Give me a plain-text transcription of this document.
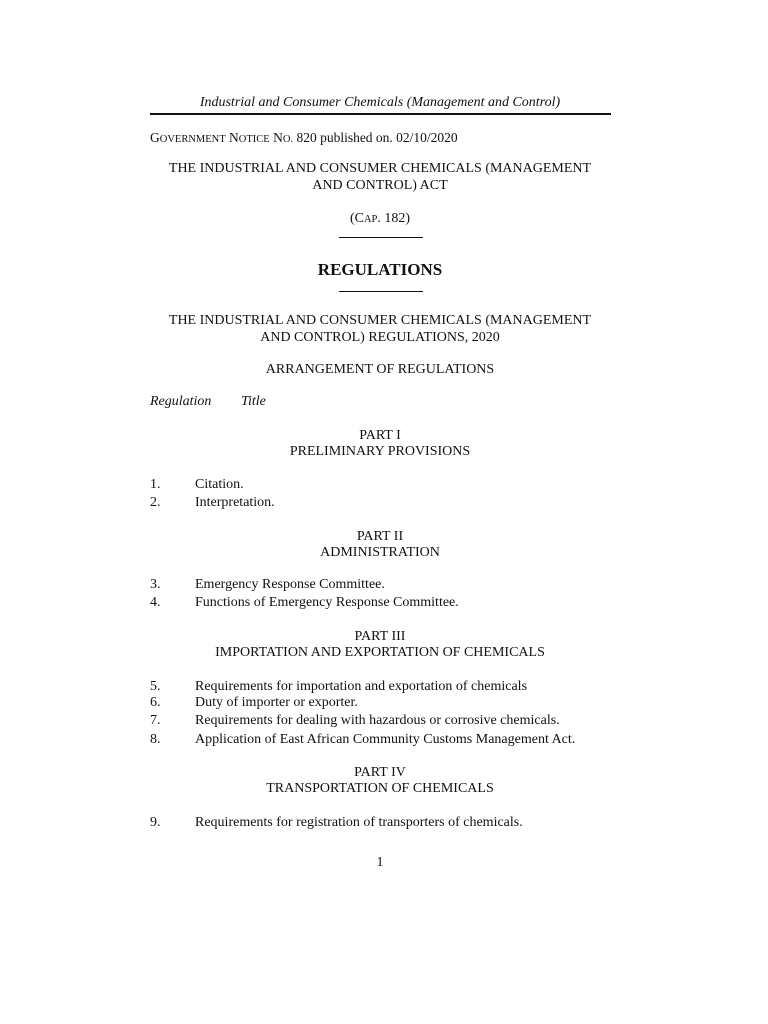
Industrial and Consumer Chemicals (Management and Control)
GOVERNMENT NOTICE NO. 820 published on. 02/10/2020
THE INDUSTRIAL AND CONSUMER CHEMICALS (MANAGEMENT
AND CONTROL) ACT
(CAP. 182)
REGULATIONS
THE INDUSTRIAL AND CONSUMER CHEMICALS (MANAGEMENT
AND CONTROL) REGULATIONS, 2020
ARRANGEMENT OF REGULATIONS
Regulation Title
PART I
PRELIMINARY PROVISIONS
1. Citation.
2. Interpretation.
PART II
ADMINISTRATION
3. Emergency Response Committee.
4. Functions of Emergency Response Committee.
PART III
IMPORTATION AND EXPORTATION OF CHEMICALS
5. Requirements for importation and exportation of chemicals
6. Duty of importer or exporter.
7. Requirements for dealing with hazardous or corrosive chemicals.
8. Application of East African Community Customs Management Act.
PART IV
TRANSPORTATION OF CHEMICALS
9. Requirements for registration of transporters of chemicals.
1
